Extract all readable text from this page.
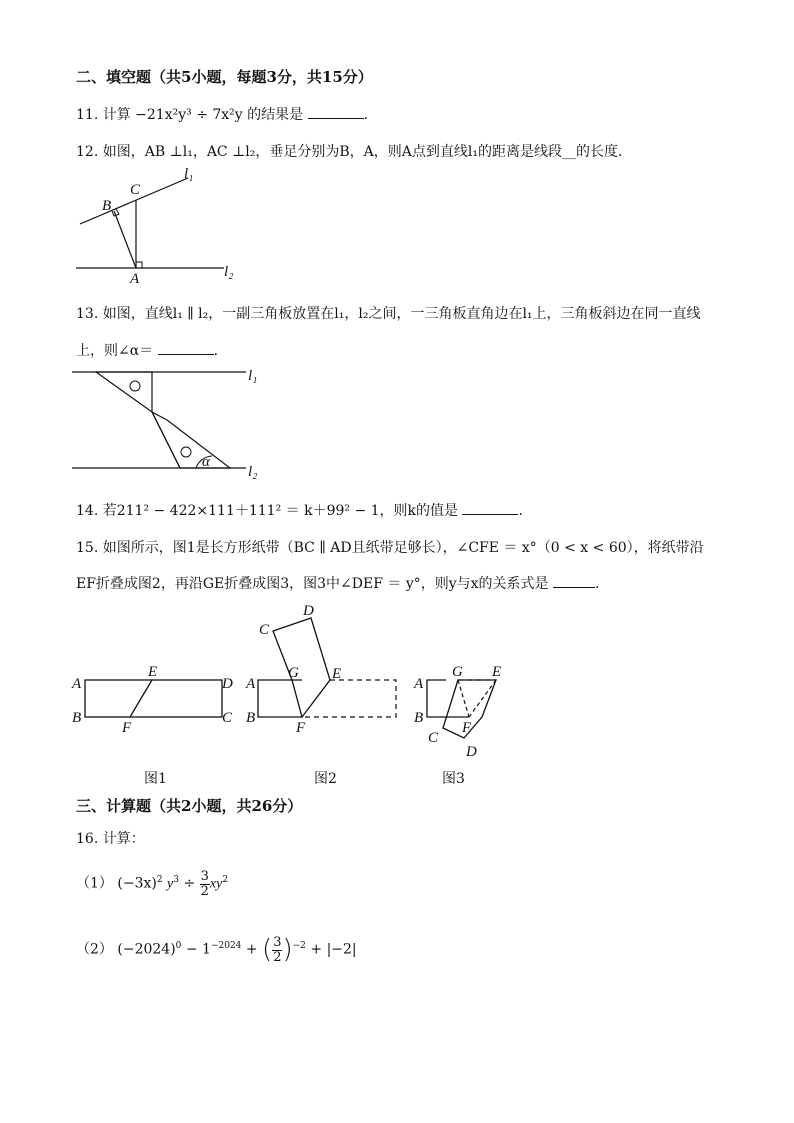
二、填空题（共5小题，每题3分，共15分）
11. 计算 −21x²y³ ÷ 7x²y 的结果是	.
12. 如图，AB ⊥l₁，AC ⊥l₂，垂足分别为B，A，则A点到直线l₁的距离是线段__的长度．
l₁
l₂
C
B
A
13. 如图，直线l₁ ∥ l₂，一副三角板放置在l₁，l₂之间，一三角板直角边在l₁上，三角板斜边在同一直线
上，则∠α＝	．
α
l₁
l₂
14. 若211² − 422×111＋111² ＝ k＋99² − 1，则k的值是	．
15. 如图所示，图1是长方形纸带（BC ∥ AD且纸带足够长），∠CFE ＝ x°（0 < x < 60），将纸带沿
EF折叠成图2，再沿GE折叠成图3，图3中∠DEF ＝ y°，则y与x的关系式是	．
A
B	C
D
E
F
图1
A
B
C
D
E
G
F
图2
A
B
C
D
E
G
F
图3
三、计算题（共2小题，共26分）
16. 计算：
（1） $(-3x)^2$ $y^3 \div \frac{3}{2} xy^2$
（2） $(-2024)^0 - 1^{-2024}$ + ( $\frac{3}{2} )^{-2} + |-2|$
